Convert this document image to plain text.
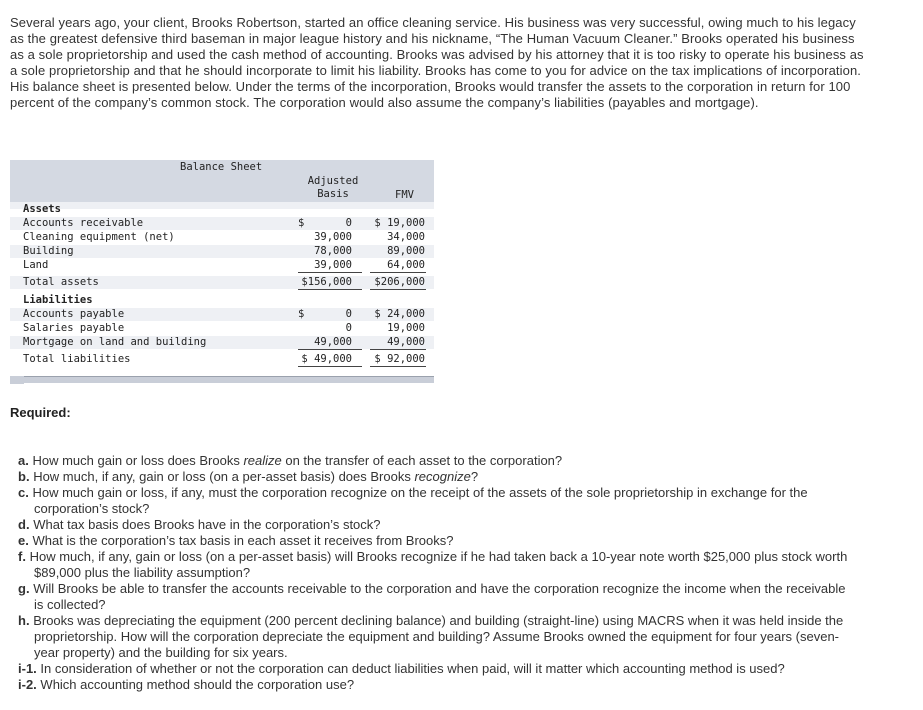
Several years ago, your client, Brooks Robertson, started an office cleaning service. His business was very successful, owing much to his legacy as the greatest defensive third baseman in major league history and his nickname, “The Human Vacuum Cleaner.” Brooks operated his business as a sole proprietorship and used the cash method of accounting. Brooks was advised by his attorney that it is too risky to operate his business as a sole proprietorship and that he should incorporate to limit his liability. Brooks has come to you for advice on the tax implications of incorporation. His balance sheet is presented below. Under the terms of the incorporation, Brooks would transfer the assets to the corporation in return for 100 percent of the company’s common stock. The corporation would also assume the company’s liabilities (payables and mortgage).

Balance Sheet
Adjusted
Basis	FMV
Assets
Accounts receivable	$	0 $ 19,000
Cleaning equipment (net)	39,000	34,000
Building	78,000	89,000
Land	39,000	64,000
Total assets	$156,000 $206,000
Liabilities
Accounts payable	$	0 $ 24,000
Salaries payable	0	19,000
Mortgage on land and building	49,000	49,000
Total liabilities	$ 49,000 $ 92,000
Required:
a. How much gain or loss does Brooks realize on the transfer of each asset to the corporation?
b. How much, if any, gain or loss (on a per-asset basis) does Brooks recognize?
c. How much gain or loss, if any, must the corporation recognize on the receipt of the assets of the sole proprietorship in exchange for the corporation’s stock?
d. What tax basis does Brooks have in the corporation’s stock?
e. What is the corporation’s tax basis in each asset it receives from Brooks?
f. How much, if any, gain or loss (on a per-asset basis) will Brooks recognize if he had taken back a 10-year note worth $25,000 plus stock worth $89,000 plus the liability assumption?
g. Will Brooks be able to transfer the accounts receivable to the corporation and have the corporation recognize the income when the receivable is collected?
h. Brooks was depreciating the equipment (200 percent declining balance) and building (straight-line) using MACRS when it was held inside the proprietorship. How will the corporation depreciate the equipment and building? Assume Brooks owned the equipment for four years (seven-year property) and the building for six years.
i-1. In consideration of whether or not the corporation can deduct liabilities when paid, will it matter which accounting method is used?
i-2. Which accounting method should the corporation use?
